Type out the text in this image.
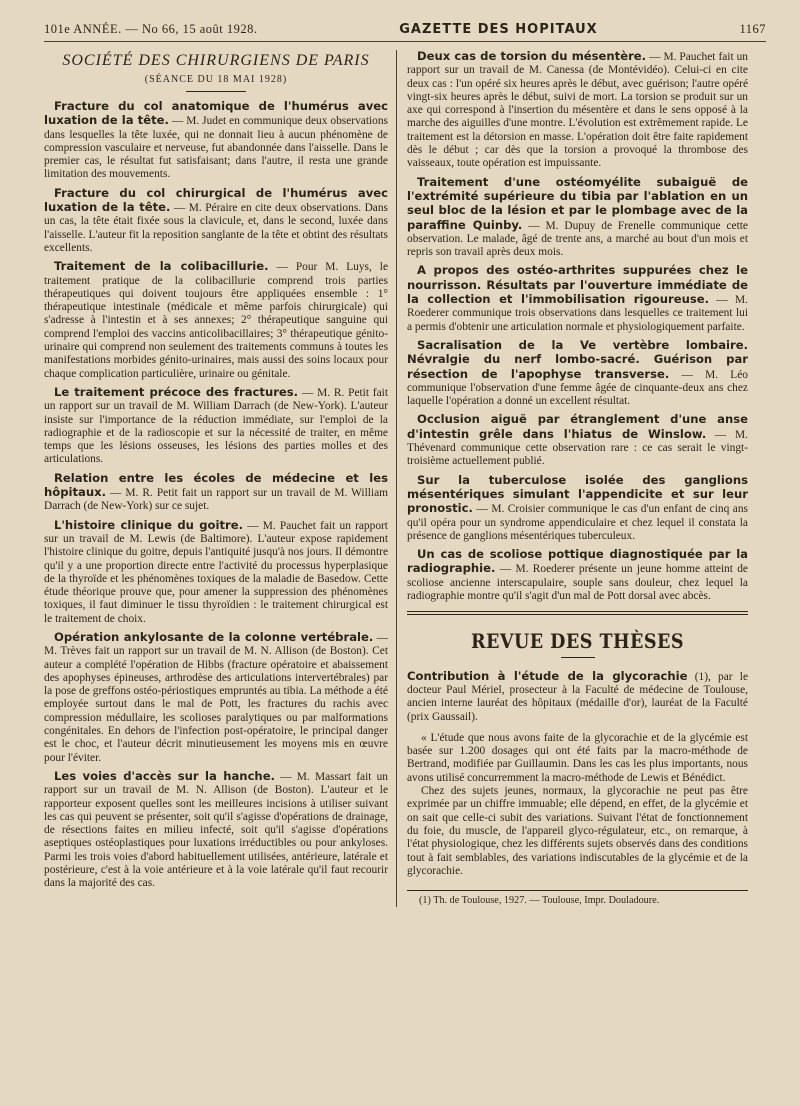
101e ANNÉE. — No 66, 15 août 1928.	GAZETTE DES HOPITAUX	1167
SOCIÉTÉ DES CHIRURGIENS DE PARIS
(SÉANCE DU 18 MAI 1928)

Fracture du col anatomique de l'humérus avec luxation de la tête. — M. Judet en communique deux observations dans lesquelles la tête luxée, qui ne donnait lieu à aucun phénomène de compression vasculaire et nerveuse, fut abandonnée dans l'aisselle. Dans le premier cas, le résultat fut satisfaisant; dans l'autre, il resta une grande limitation des mouvements.

Fracture du col chirurgical de l'humérus avec luxation de la tête. — M. Péraire en cite deux observations. Dans un cas, la tête était fixée sous la clavicule, et, dans le second, luxée dans l'aisselle. L'auteur fit la reposition sanglante de la tête et obtint des résultats excellents.

Traitement de la colibacillurie. — Pour M. Luys, le traitement pratique de la colibacillurie comprend trois parties thérapeutiques qui doivent toujours être appliquées ensemble : 1° thérapeutique intestinale (médicale et même parfois chirurgicale) qui s'adresse à l'intestin et à ses annexes; 2° thérapeutique sanguine qui comprend l'emploi des vaccins anticolibacillaires; 3° thérapeutique génito-urinaire qui comprend non seulement des traitements communs à toutes les manifestations morbides génito-urinaires, mais aussi des soins locaux pour chaque complication particulière, urinaire ou génitale.

Le traitement précoce des fractures. — M. R. Petit fait un rapport sur un travail de M. William Darrach (de New-York). L'auteur insiste sur l'importance de la réduction immédiate, sur l'emploi de la radiographie et de la radioscopie et sur la nécessité de traiter, en même temps que les lésions osseuses, les lésions des parties molles et des articulations.

Relation entre les écoles de médecine et les hôpitaux. — M. R. Petit fait un rapport sur un travail de M. William Darrach (de New-York) sur ce sujet.

L'histoire clinique du goitre. — M. Pauchet fait un rapport sur un travail de M. Lewis (de Baltimore). L'auteur expose rapidement l'histoire clinique du goitre, depuis l'antiquité jusqu'à nos jours. Il démontre qu'il y a une proportion directe entre l'activité du processus hyperplasique de la thyroïde et les phénomènes toxiques de la maladie de Basedow. Cette étude théorique prouve que, pour amener la suppression des phénomènes toxiques, il faut diminuer le tissu thyroïdien : le traitement chirurgical est le traitement de choix.

Opération ankylosante de la colonne vertébrale. — M. Trèves fait un rapport sur un travail de M. N. Allison (de Boston). Cet auteur a complété l'opération de Hibbs (fracture opératoire et abaissement des apophyses épineuses, arthrodèse des articulations intervertébrales) par la pose de greffons ostéo-périostiques empruntés au tibia. La méthode a été employée surtout dans le mal de Pott, les fractures du rachis avec compression médullaire, les scolioses paralytiques ou par malformations congénitales. En dehors de l'infection post-opératoire, le principal danger est le choc, et l'auteur décrit minutieusement les moyens mis en œuvre pour l'éviter.

Les voies d'accès sur la hanche. — M. Massart fait un rapport sur un travail de M. N. Allison (de Boston). L'auteur et le rapporteur exposent quelles sont les meilleures incisions à utiliser suivant les cas qui peuvent se présenter, soit qu'il s'agisse d'opérations de drainage, de résections faites en milieu infecté, soit qu'il s'agisse d'opérations aseptiques ostéoplastiques pour luxations irréductibles ou pour ankyloses. Parmi les trois voies d'abord habituellement utilisées, antérieure, latérale et postérieure, c'est à la voie antérieure et à la voie latérale qu'il faut recourir dans la majorité des cas.

Deux cas de torsion du mésentère. — M. Pauchet fait un rapport sur un travail de M. Canessa (de Montévidéo). Celui-ci en cite deux cas : l'un opéré six heures après le début, avec guérison; l'autre opéré vingt-six heures après le début, suivi de mort. La torsion se produit sur un axe qui correspond à l'insertion du mésentère et dans le sens opposé à la marche des aiguilles d'une montre. L'évolution est extrêmement rapide. Le traitement est la détorsion en masse. L'opération doit être faite rapidement dès le début ; car dès que la torsion a provoqué la thrombose des vaisseaux, toute opération est impuissante.

Traitement d'une ostéomyélite subaiguë de l'extrémité supérieure du tibia par l'ablation en un seul bloc de la lésion et par le plombage avec de la paraffine Quinby. — M. Dupuy de Frenelle communique cette observation. Le malade, âgé de trente ans, a marché au bout d'un mois et repris son travail après deux mois.

A propos des ostéo-arthrites suppurées chez le nourrisson. Résultats par l'ouverture immédiate de la collection et l'immobilisation rigoureuse. — M. Roederer communique trois observations dans lesquelles ce traitement lui a permis d'obtenir une articulation normale et physiologiquement parfaite.

Sacralisation de la Ve vertèbre lombaire. Névralgie du nerf lombo-sacré. Guérison par résection de l'apophyse transverse. — M. Léo communique l'observation d'une femme âgée de cinquante-deux ans chez laquelle l'opération a donné un excellent résultat.

Occlusion aiguë par étranglement d'une anse d'intestin grêle dans l'hiatus de Winslow. — M. Thévenard communique cette observation rare : ce cas serait le vingt-troisième actuellement publié.

Sur la tuberculose isolée des ganglions mésentériques simulant l'appendicite et sur leur pronostic. — M. Croisier communique le cas d'un enfant de cinq ans qu'il opéra pour un syndrome appendiculaire et chez lequel il constata la présence de ganglions mésentériques tuberculeux.

Un cas de scoliose pottique diagnostiquée par la radiographie. — M. Roederer présente un jeune homme atteint de scoliose ancienne interscapulaire, souple sans douleur, chez lequel la radiographie montre qu'il s'agit d'un mal de Pott dorsal avec abcès.

REVUE DES THÈSES

Contribution à l'étude de la glycorachie (1), par le docteur Paul Mériel, prosecteur à la Faculté de médecine de Toulouse, ancien interne lauréat des hôpitaux (médaille d'or), lauréat de la Faculté (prix Gaussail).

« L'étude que nous avons faite de la glycorachie et de la glycémie est basée sur 1.200 dosages qui ont été faits par la macro-méthode de Bertrand, modifiée par Guillaumin. Dans les cas les plus importants, nous avons utilisé concurremment la macro-méthode de Lewis et Bénédict.

Chez des sujets jeunes, normaux, la glycorachie ne peut pas être exprimée par un chiffre immuable; elle dépend, en effet, de la glycémie et on sait que celle-ci subit des variations. Suivant l'état de fonctionnement du foie, du muscle, de l'appareil glyco-régulateur, etc., on remarque, à l'état physiologique, chez les différents sujets observés dans des conditions tout à fait semblables, des variations indiscutables de la glycémie et de la glycorachie.

(1) Th. de Toulouse, 1927. — Toulouse, Impr. Douladoure.
